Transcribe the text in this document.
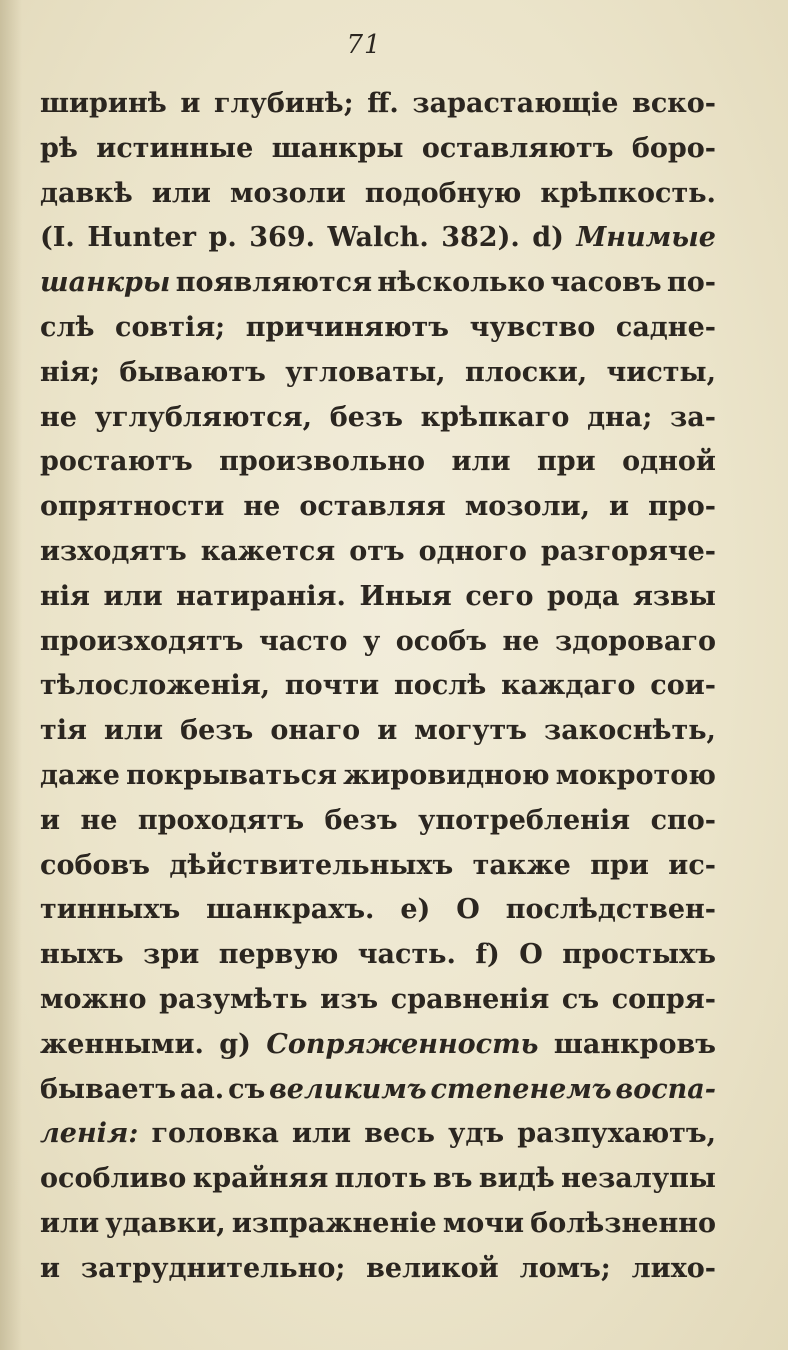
71
ширинѣ и глубинѣ; ff. зарастающіе вско-
рѣ истинные шанкры оставляютъ боро-
давкѣ или мозоли подобную крѣпкость.
(I. Hunter p. 369. Walch. 382). d) Мнимые
шанкры появляются нѣсколько часовъ по-
слѣ совтія; причиняютъ чувство садне-
нія; бываютъ угловаты, плоски, чисты,
не углубляются, безъ крѣпкаго дна; за-
ростаютъ произвольно или при одной
опрятности не оставляя мозоли, и про-
изходятъ кажется отъ одного разгоряче-
нія или натиранія. Иныя сего рода язвы
произходятъ часто у особъ не здороваго
тѣлосложенія, почти послѣ каждаго сои-
тія или безъ онаго и могутъ закоснѣть,
даже покрываться жировидною мокротою
и не проходятъ безъ употребленія спо-
собовъ дѣйствительныхъ также при ис-
тинныхъ шанкрахъ. e) О послѣдствен-
ныхъ зри первую часть. f) О простыхъ
можно разумѣть изъ сравненія съ сопря-
женными. g) Сопряженность шанкровъ
бываетъ аа. съ великимъ степенемъ воспа-
ленія: головка или весь удъ разпухаютъ,
особливо крайняя плоть въ видѣ незалупы
или удавки, изпражненіе мочи болѣзненно
и затруднительно; великой ломъ; лихо-
